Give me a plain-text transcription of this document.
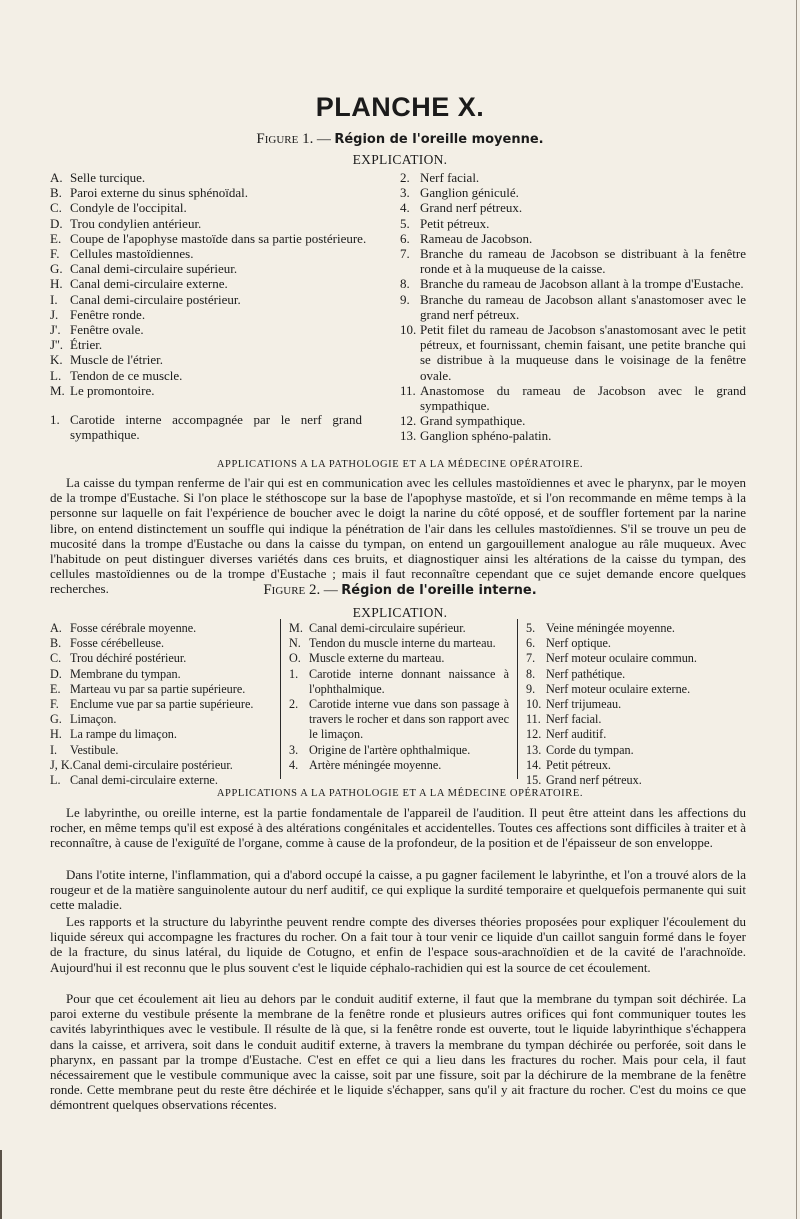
PLANCHE X.
Figure 1. — Région de l'oreille moyenne.
EXPLICATION.
A. Selle turcique.
B. Paroi externe du sinus sphénoïdal.
C. Condyle de l'occipital.
D. Trou condylien antérieur.
E. Coupe de l'apophyse mastoïde dans sa partie postérieure.
F. Cellules mastoïdiennes.
G. Canal demi-circulaire supérieur.
H. Canal demi-circulaire externe.
I. Canal demi-circulaire postérieur.
J. Fenêtre ronde.
J'. Fenêtre ovale.
J''. Étrier.
K. Muscle de l'étrier.
L. Tendon de ce muscle.
M. Le promontoire.
1. Carotide interne accompagnée par le nerf grand sympathique.
2. Nerf facial.
3. Ganglion géniculé.
4. Grand nerf pétreux.
5. Petit pétreux.
6. Rameau de Jacobson.
7. Branche du rameau de Jacobson se distribuant à la fenêtre ronde et à la muqueuse de la caisse.
8. Branche du rameau de Jacobson allant à la trompe d'Eustache.
9. Branche du rameau de Jacobson allant s'anastomoser avec le grand nerf pétreux.
10. Petit filet du rameau de Jacobson s'anastomosant avec le petit pétreux, et fournissant, chemin faisant, une petite branche qui se distribue à la muqueuse dans le voisinage de la fenêtre ovale.
11. Anastomose du rameau de Jacobson avec le grand sympathique.
12. Grand sympathique.
13. Ganglion sphéno-palatin.
APPLICATIONS A LA PATHOLOGIE ET A LA MÉDECINE OPÉRATOIRE.

La caisse du tympan renferme de l'air qui est en communication avec les cellules mastoïdiennes et avec le pharynx, par le moyen de la trompe d'Eustache. Si l'on place le stéthoscope sur la base de l'apophyse mastoïde, et si l'on recommande en même temps à la personne sur laquelle on fait l'expérience de boucher avec le doigt la narine du côté opposé, et de souffler fortement par la narine libre, on entend distinctement un souffle qui indique la pénétration de l'air dans les cellules mastoïdiennes. S'il se trouve un peu de mucosité dans la trompe d'Eustache ou dans la caisse du tympan, on entend un gargouillement analogue au râle muqueux. Avec l'habitude on peut distinguer diverses variétés dans ces bruits, et diagnostiquer ainsi les altérations de la caisse du tympan, des cellules mastoïdiennes ou de la trompe d'Eustache ; mais il faut reconnaître cependant que ce sujet demande encore quelques recherches.	Figure 2. — Région de l'oreille interne.
EXPLICATION.
A. Fosse cérébrale moyenne.
B. Fosse cérébelleuse.
C. Trou déchiré postérieur.
D. Membrane du tympan.
E. Marteau vu par sa partie supérieure.
F. Enclume vue par sa partie supérieure.
G. Limaçon.
H. La rampe du limaçon.
I.	Vestibule.
J, K. Canal demi-circulaire postérieur.
L. Canal demi-circulaire externe.
M. Canal demi-circulaire supérieur.
N. Tendon du muscle interne du marteau.
O. Muscle externe du marteau.
1. Carotide interne donnant naissance à l'ophthalmique.
2. Carotide interne vue dans son passage à travers le rocher et dans son rapport avec le limaçon.
3. Origine de l'artère ophthalmique.
4. Artère méningée moyenne.
5. Veine méningée moyenne.
6. Nerf optique.
7. Nerf moteur oculaire commun.
8. Nerf pathétique.
9. Nerf moteur oculaire externe.
10. Nerf trijumeau.
11. Nerf facial.
12. Nerf auditif.
13. Corde du tympan.
14. Petit pétreux.
15. Grand nerf pétreux.
APPLICATIONS A LA PATHOLOGIE ET A LA MÉDECINE OPÉRATOIRE.

Le labyrinthe, ou oreille interne, est la partie fondamentale de l'appareil de l'audition. Il peut être atteint dans les affections du rocher, en même temps qu'il est exposé à des altérations congénitales et accidentelles. Toutes ces affections sont difficiles à traiter et à reconnaître, à cause de l'exiguïté de l'organe, comme à cause de la profondeur, de la position et de l'épaisseur de son enveloppe.

Dans l'otite interne, l'inflammation, qui a d'abord occupé la caisse, a pu gagner facilement le labyrinthe, et l'on a trouvé alors de la rougeur et de la matière sanguinolente autour du nerf auditif, ce qui explique la surdité temporaire et quelquefois permanente qui suit cette maladie.

Les rapports et la structure du labyrinthe peuvent rendre compte des diverses théories proposées pour expliquer l'écoulement du liquide séreux qui accompagne les fractures du rocher. On a fait tour à tour venir ce liquide d'un caillot sanguin formé dans le foyer de la fracture, du sinus latéral, du liquide de Cotugno, et enfin de l'espace sous-arachnoïdien et de la cavité de l'arachnoïde. Aujourd'hui il est reconnu que le plus souvent c'est le liquide céphalo-rachidien qui est la source de cet écoulement.

Pour que cet écoulement ait lieu au dehors par le conduit auditif externe, il faut que la membrane du tympan soit déchirée. La paroi externe du vestibule présente la membrane de la fenêtre ronde et plusieurs autres orifices qui font communiquer toutes les cavités labyrinthiques avec le vestibule. Il résulte de là que, si la fenêtre ronde est ouverte, tout le liquide labyrinthique s'échappera dans la caisse, et arrivera, soit dans le conduit auditif externe, à travers la membrane du tympan déchirée ou perforée, soit dans le pharynx, en passant par la trompe d'Eustache. C'est en effet ce qui a lieu dans les fractures du rocher. Mais pour cela, il faut nécessairement que le vestibule communique avec la caisse, soit par une fissure, soit par la déchirure de la membrane de la fenêtre ronde. Cette membrane peut du reste être déchirée et le liquide s'échapper, sans qu'il y ait fracture du rocher. C'est du moins ce que démontrent quelques observations récentes.
